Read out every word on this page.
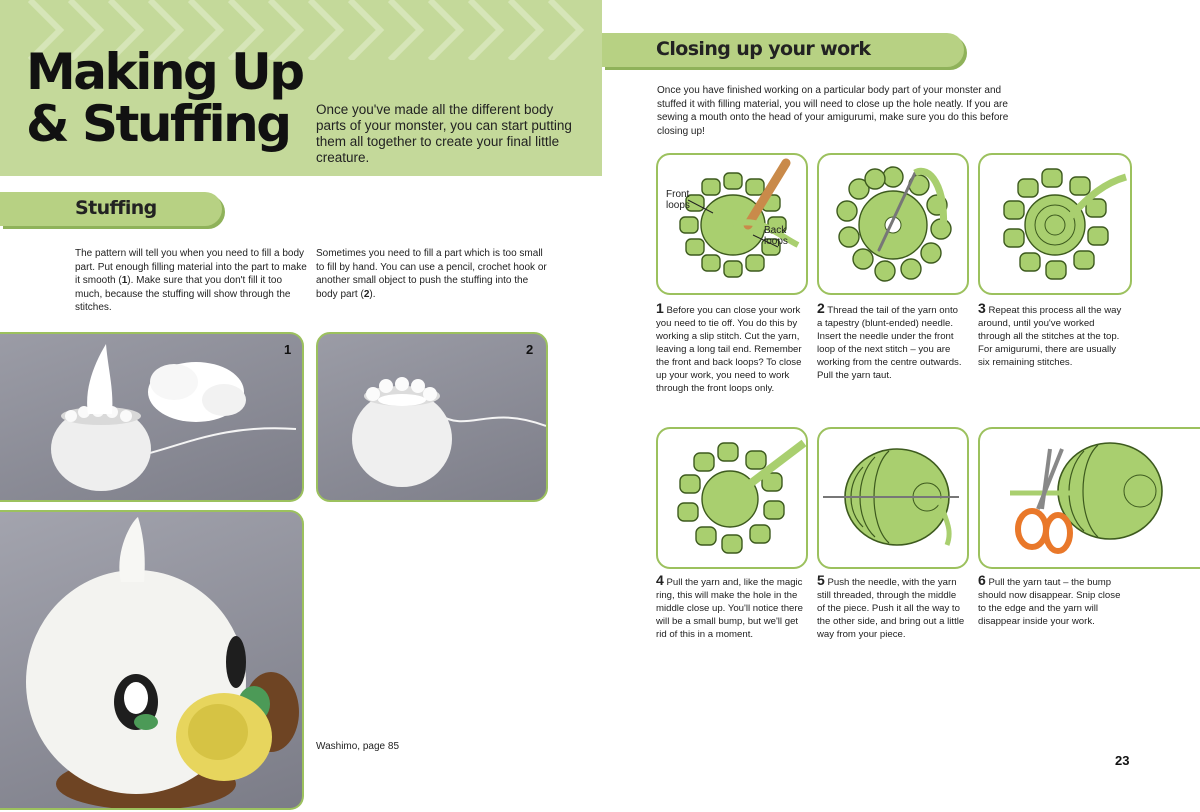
Making Up
& Stuffing	Once you've made all the different body parts of your monster, you can start putting them all together to create your final little creature.

Stuffing

The pattern will tell you when you need to fill a body part. Put enough filling material into the part to make it smooth (1). Make sure that you don't fill it too much, because the stuffing will show through the stitches.

Sometimes you need to fill a part which is too small to fill by hand. You can use a pencil, crochet hook or another small object to push the stuffing into the body part (2).

1	2
Washimo, page 85
Closing up your work

Once you have finished working on a particular body part of your monster and stuffed it with filling material, you will need to close up the hole neatly. If you are sewing a mouth onto the head of your amigurumi, make sure you do this before closing up!

Front loops
Back loops

1 Before you can close your work you need to tie off. You do this by working a slip stitch. Cut the yarn, leaving a long tail end. Remember the front and back loops? To close up your work, you need to work through the front loops only.

2 Thread the tail of the yarn onto a tapestry (blunt-ended) needle. Insert the needle under the front loop of the next stitch – you are working from the centre outwards. Pull the yarn taut.

3 Repeat this process all the way around, until you've worked through all the stitches at the top. For amigurumi, there are usually six remaining stitches.

4 Pull the yarn and, like the magic ring, this will make the hole in the middle close up. You'll notice there will be a small bump, but we'll get rid of this in a moment.

5 Push the needle, with the yarn still threaded, through the middle of the piece. Push it all the way to the other side, and bring out a little way from your piece.

6 Pull the yarn taut – the bump should now disappear. Snip close to the edge and the yarn will disappear inside your work.

23
